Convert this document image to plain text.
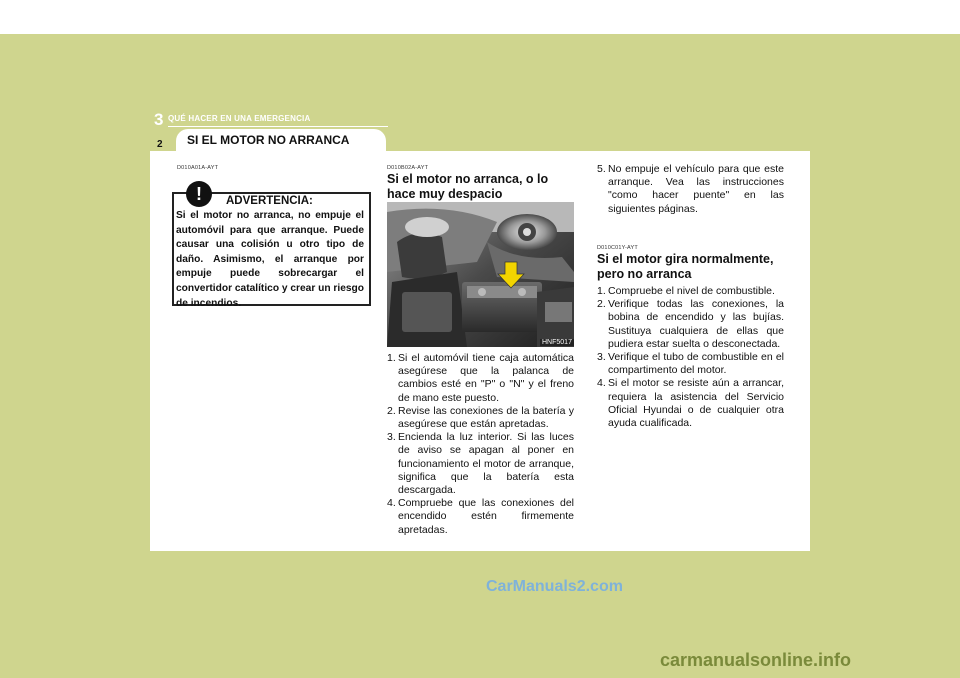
3 QUÉ HACER EN UNA EMERGENCIA
SI EL MOTOR NO ARRANCA
2
D010A01A-AYT
!	ADVERTENCIA:
Si el motor no arranca, no empuje el automóvil para que arranque. Puede causar una colisión u otro tipo de daño. Asimismo, el arranque por empuje puede sobrecargar el convertidor catalítico y crear un riesgo de incendios.
D010B02A-AYT
Si el motor no arranca, o lo hace muy despacio
HNF5017
1. Si el automóvil tiene caja automática asegúrese que la palanca de cambios esté en "P" o "N" y el freno de mano este puesto.
2. Revise las conexiones de la batería y asegúrese que están apretadas.
3. Encienda la luz interior. Si las luces de aviso se apagan al poner en funcionamiento el motor de arranque, significa que la batería esta descargada.
4. Compruebe que las conexiones del encendido estén firmemente apretadas.
5. No empuje el vehículo para que este arranque. Vea las instrucciones "como hacer puente" en las siguientes páginas.
D010C01Y-AYT
Si el motor gira normalmente, pero no arranca
1. Compruebe el nivel de combustible.
2. Verifique todas las conexiones, la bobina de encendido y las bujías. Sustituya cualquiera de ellas que pudiera estar suelta o desconectada.
3. Verifique el tubo de combustible en el compartimento del motor.
4. Si el motor se resiste aún a arrancar, requiera la asistencia del Servicio Oficial Hyundai o de cualquier otra ayuda cualificada.
CarManuals2.com
carmanualsonline.info
